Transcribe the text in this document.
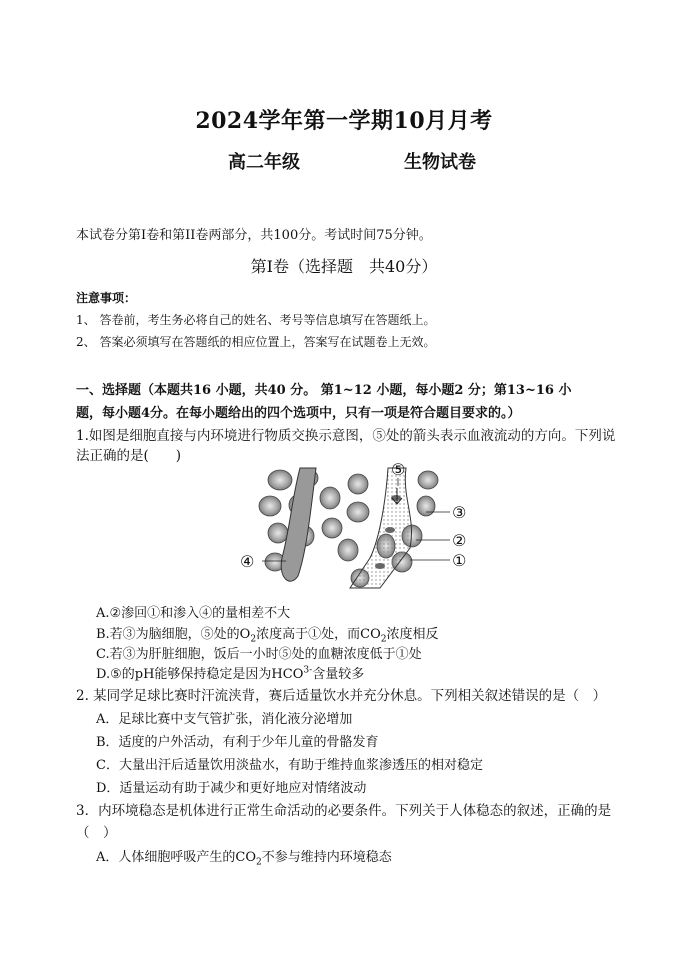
2024学年第一学期10月月考
高二年级	生物试卷
本试卷分第I卷和第II卷两部分，共100分。考试时间75分钟。
第I卷（选择题　共40分）
注意事项：
1、 答卷前，考生务必将自己的姓名、考号等信息填写在答题纸上。
2、 答案必须填写在答题纸的相应位置上，答案写在试题卷上无效。
一、选择题（本题共16 小题，共40 分。 第1~12 小题，每小题2 分；第13~16 小
题，每小题4分。在每小题给出的四个选项中，只有一项是符合题目要求的。）
1.如图是细胞直接与内环境进行物质交换示意图，⑤处的箭头表示血液流动的方向。下列说
法正确的是(　　)
⑤
③
②
④	①
A.②渗回①和渗入④的量相差不大
B.若③为脑细胞，⑤处的$O_2$浓度高于①处，而$CO_2$浓度相反
C.若③为肝脏细胞，饭后一小时⑤处的血糖浓度低于①处
D.⑤的pH能够保持稳定是因为$HCO^{3-}$含量较多
2. 某同学足球比赛时汗流浃背，赛后适量饮水并充分休息。下列相关叙述错误的是（　）
A．足球比赛中支气管扩张，消化液分泌增加
B．适度的户外活动，有利于少年儿童的骨骼发育
C．大量出汗后适量饮用淡盐水，有助于维持血浆渗透压的相对稳定
D．适量运动有助于减少和更好地应对情绪波动
3．内环境稳态是机体进行正常生命活动的必要条件。下列关于人体稳态的叙述，正确的是
（　）
A．人体细胞呼吸产生的$CO_2$不参与维持内环境稳态
